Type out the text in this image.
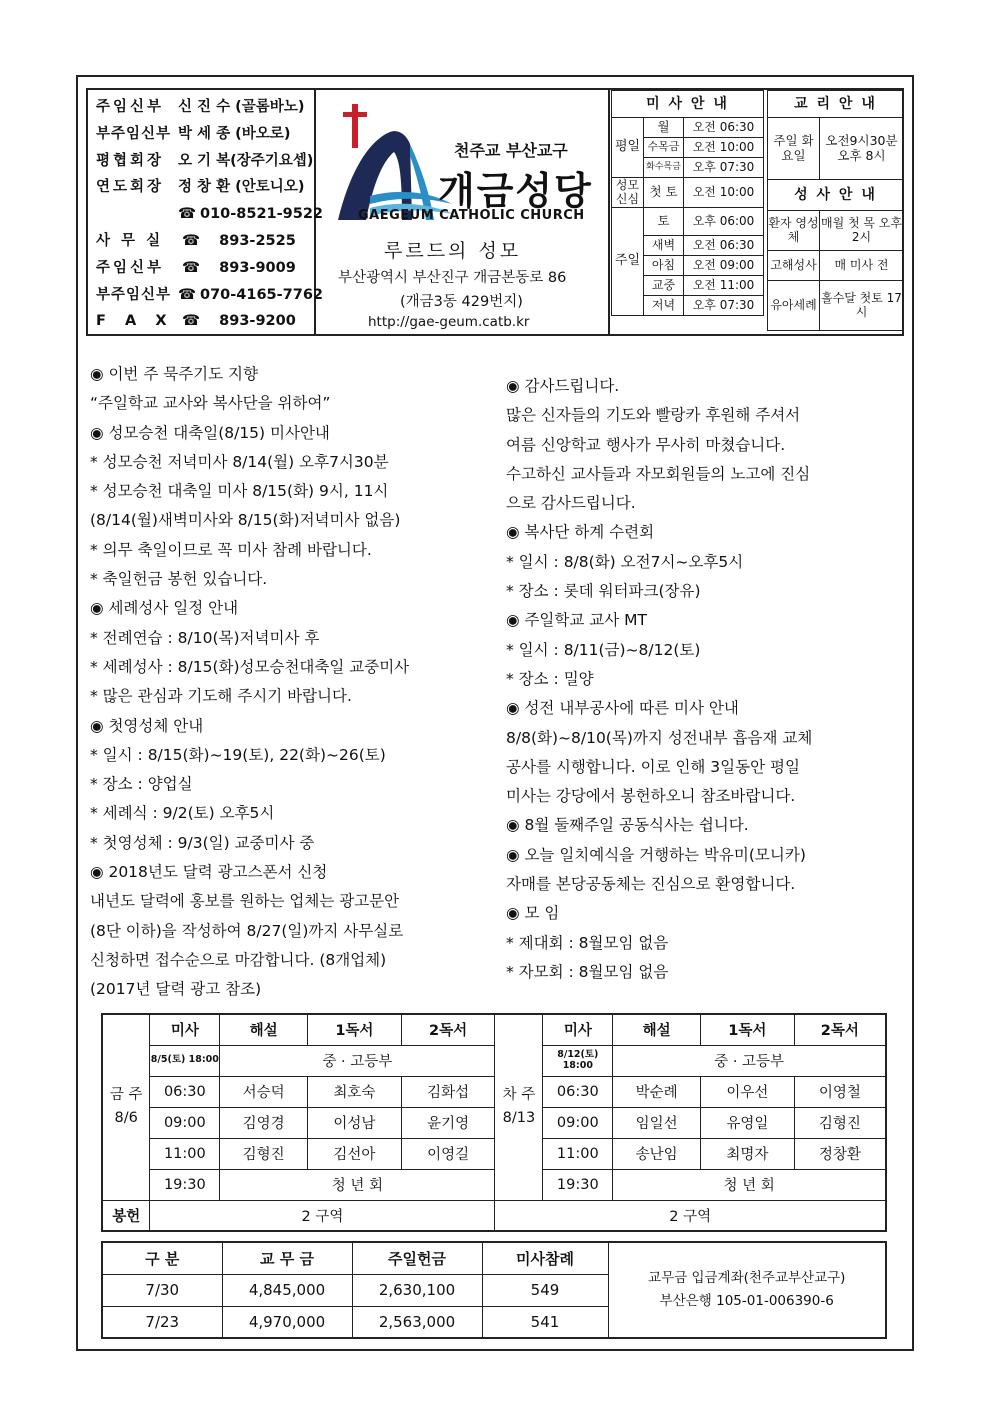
주임신부 신 진 수 (골롬바노)
부주임신부 박 세 종 (바오로)
평협회장 오 기 복(장주기요셉)
연도회장 정 창 환 (안토니오)
☎ 010-8521-9522
사 무 실 ☎ 893-2525
주임신부 ☎ 893-9009
부주임신부 ☎ 070-4165-7762
F  A  X ☎ 893-9200
천주교 부산교구
개금성당
GAEGEUM CATHOLIC CHURCH
루르드의 성모
부산광역시 부산진구 개금본동로 86
(개금3동 429번지)
http://gae-geum.catb.kr
미 사 안 내		
평일	월	오전 06:30
	수목금	오전 10:00
	화수목금	오후 07:30
성모 신심	첫 토	오전 10:00
주일	토	오후 06:00
	새벽	오전 06:30
	아침	오전 09:00
	교중	오전 11:00
	저녁	오후 07:30
교 리 안 내	
주일 화요일	오전9시30분 오후 8시
성 사 안 내	
환자 영성체	매월 첫 목 오후 2시
고해성사	매 미사 전
유아세례	홀수달 첫토 17시

◉ 이번 주 묵주기도 지향

“주일학교 교사와 복사단을 위하여”

◉ 성모승천 대축일(8/15) 미사안내

* 성모승천 저녁미사 8/14(월) 오후7시30분

* 성모승천 대축일 미사 8/15(화) 9시, 11시

(8/14(월)새벽미사와 8/15(화)저녁미사 없음)

* 의무 축일이므로 꼭 미사 참례 바랍니다.

* 축일헌금 봉헌 있습니다.

◉ 세례성사 일정 안내

* 전례연습 : 8/10(목)저녁미사 후

* 세례성사 : 8/15(화)성모승천대축일 교중미사

* 많은 관심과 기도해 주시기 바랍니다.

◉ 첫영성체 안내

* 일시 : 8/15(화)~19(토), 22(화)~26(토)

* 장소 : 양업실

* 세례식 : 9/2(토) 오후5시

* 첫영성체 : 9/3(일) 교중미사 중

◉ 2018년도 달력 광고스폰서 신청

내년도 달력에 홍보를 원하는 업체는 광고문안

(8단 이하)을 작성하여 8/27(일)까지 사무실로

신청하면 접수순으로 마감합니다. (8개업체)

(2017년 달력 광고 참조)

◉ 감사드립니다.

많은 신자들의 기도와 빨랑카 후원해 주셔서

여름 신앙학교 행사가 무사히 마쳤습니다.

수고하신 교사들과 자모회원들의 노고에 진심

으로 감사드립니다.

◉ 복사단 하계 수련회

* 일시 : 8/8(화) 오전7시~오후5시

* 장소 : 롯데 워터파크(장유)

◉ 주일학교 교사 MT

* 일시 : 8/11(금)~8/12(토)

* 장소 : 밀양

◉ 성전 내부공사에 따른 미사 안내

8/8(화)~8/10(목)까지 성전내부 흡음재 교체

공사를 시행합니다. 이로 인해 3일동안 평일

미사는 강당에서 봉헌하오니 참조바랍니다.

◉ 8월 둘째주일 공동식사는 쉽니다.

◉ 오늘 일치예식을 거행하는 박유미(모니카)

자매를 본당공동체는 진심으로 환영합니다.

◉ 모 임

* 제대회 : 8월모임 없음

* 자모회 : 8월모임 없음

금 주 8/6	미사	해설	1독서	2독서	차 주 8/13	미사	해설	1독서	2독서
	8/5(토) 18:00	중 · 고등부				8/12(토) 18:00	중 · 고등부		
	06:30	서승덕	최호숙	김화섭		06:30	박순례	이우선	이영철
	09:00	김영경	이성남	윤기영		09:00	임일선	유영일	김형진
	11:00	김형진	김선아	이영길		11:00	송난임	최명자	정창환
	19:30	청 년 회				19:30	청 년 회		
봉헌	2 구역				2 구역				
구 분	교 무 금	주일헌금	미사참례	교무금 입금계좌(천주교부산교구)
부산은행 105-01-006390-6

7/30	4,845,000	2,630,100	549	
7/23	4,970,000	2,563,000	541	
